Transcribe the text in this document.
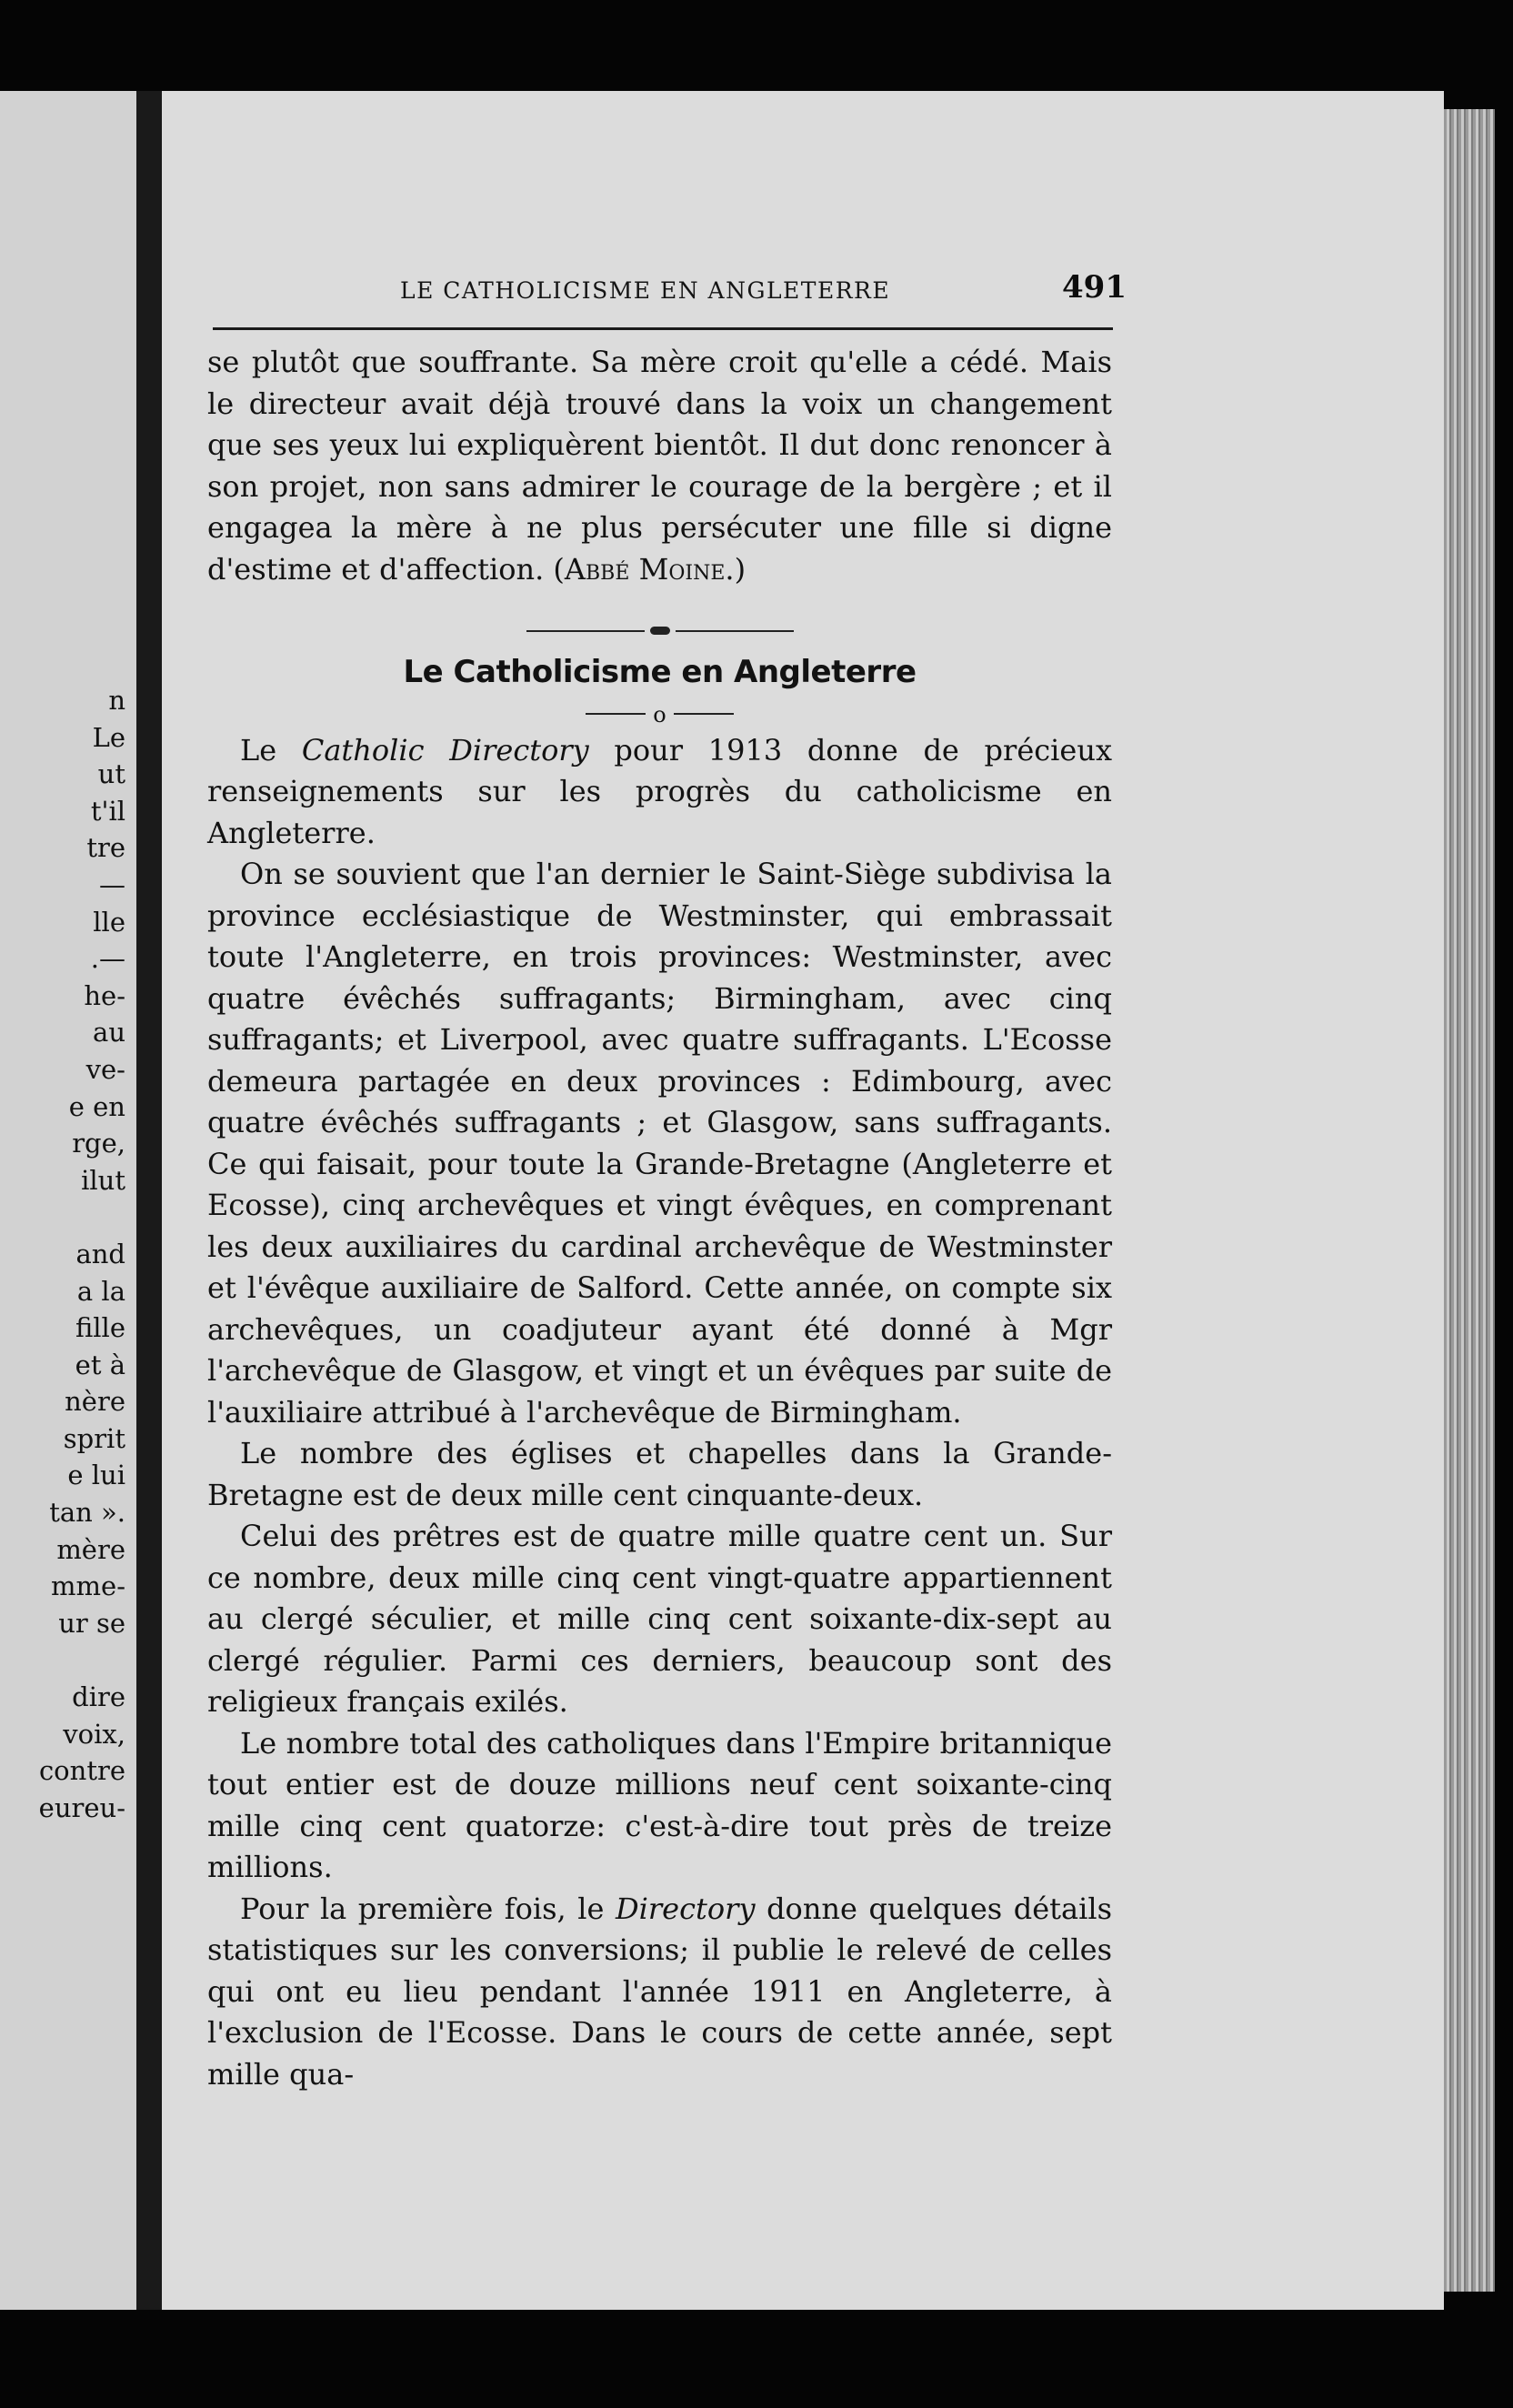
n
Le
ut
t'il
tre
—
lle
.—
he-
au
ve-
e en
rge,
ilut

and
a la
fille
et à
nère
sprit
e lui
tan ».
mère
mme-
ur se

dire
voix,
contre
eureu-
LE CATHOLICISME EN ANGLETERRE	491

se plutôt que souffrante. Sa mère croit qu'elle a cédé. Mais le directeur avait déjà trouvé dans la voix un changement que ses yeux lui expliquèrent bientôt. Il dut donc renoncer à son projet, non sans admirer le courage de la bergère ; et il engagea la mère à ne plus persécuter une fille si digne d'estime et d'affection. (Abbé Moine.)

Le Catholicisme en Angleterre
o

Le Catholic Directory pour 1913 donne de précieux renseignements sur les progrès du catholicisme en Angleterre.

On se souvient que l'an dernier le Saint-Siège subdivisa la province ecclésiastique de Westminster, qui embrassait toute l'Angleterre, en trois provinces: Westminster, avec quatre évêchés suffragants; Birmingham, avec cinq suffragants; et Liverpool, avec quatre suffragants. L'Ecosse demeura partagée en deux provinces : Edimbourg, avec quatre évêchés suffragants ; et Glasgow, sans suffragants. Ce qui faisait, pour toute la Grande-Bretagne (Angleterre et Ecosse), cinq archevêques et vingt évêques, en comprenant les deux auxiliaires du cardinal archevêque de Westminster et l'évêque auxiliaire de Salford. Cette année, on compte six archevêques, un coadjuteur ayant été donné à Mgr l'archevêque de Glasgow, et vingt et un évêques par suite de l'auxiliaire attribué à l'archevêque de Birmingham.

Le nombre des églises et chapelles dans la Grande-Bretagne est de deux mille cent cinquante-deux.

Celui des prêtres est de quatre mille quatre cent un. Sur ce nombre, deux mille cinq cent vingt-quatre appartiennent au clergé séculier, et mille cinq cent soixante-dix-sept au clergé régulier. Parmi ces derniers, beaucoup sont des religieux français exilés.

Le nombre total des catholiques dans l'Empire britannique tout entier est de douze millions neuf cent soixante-cinq mille cinq cent quatorze: c'est-à-dire tout près de treize millions.

Pour la première fois, le Directory donne quelques détails statistiques sur les conversions; il publie le relevé de celles qui ont eu lieu pendant l'année 1911 en Angleterre, à l'exclusion de l'Ecosse. Dans le cours de cette année, sept mille qua-
